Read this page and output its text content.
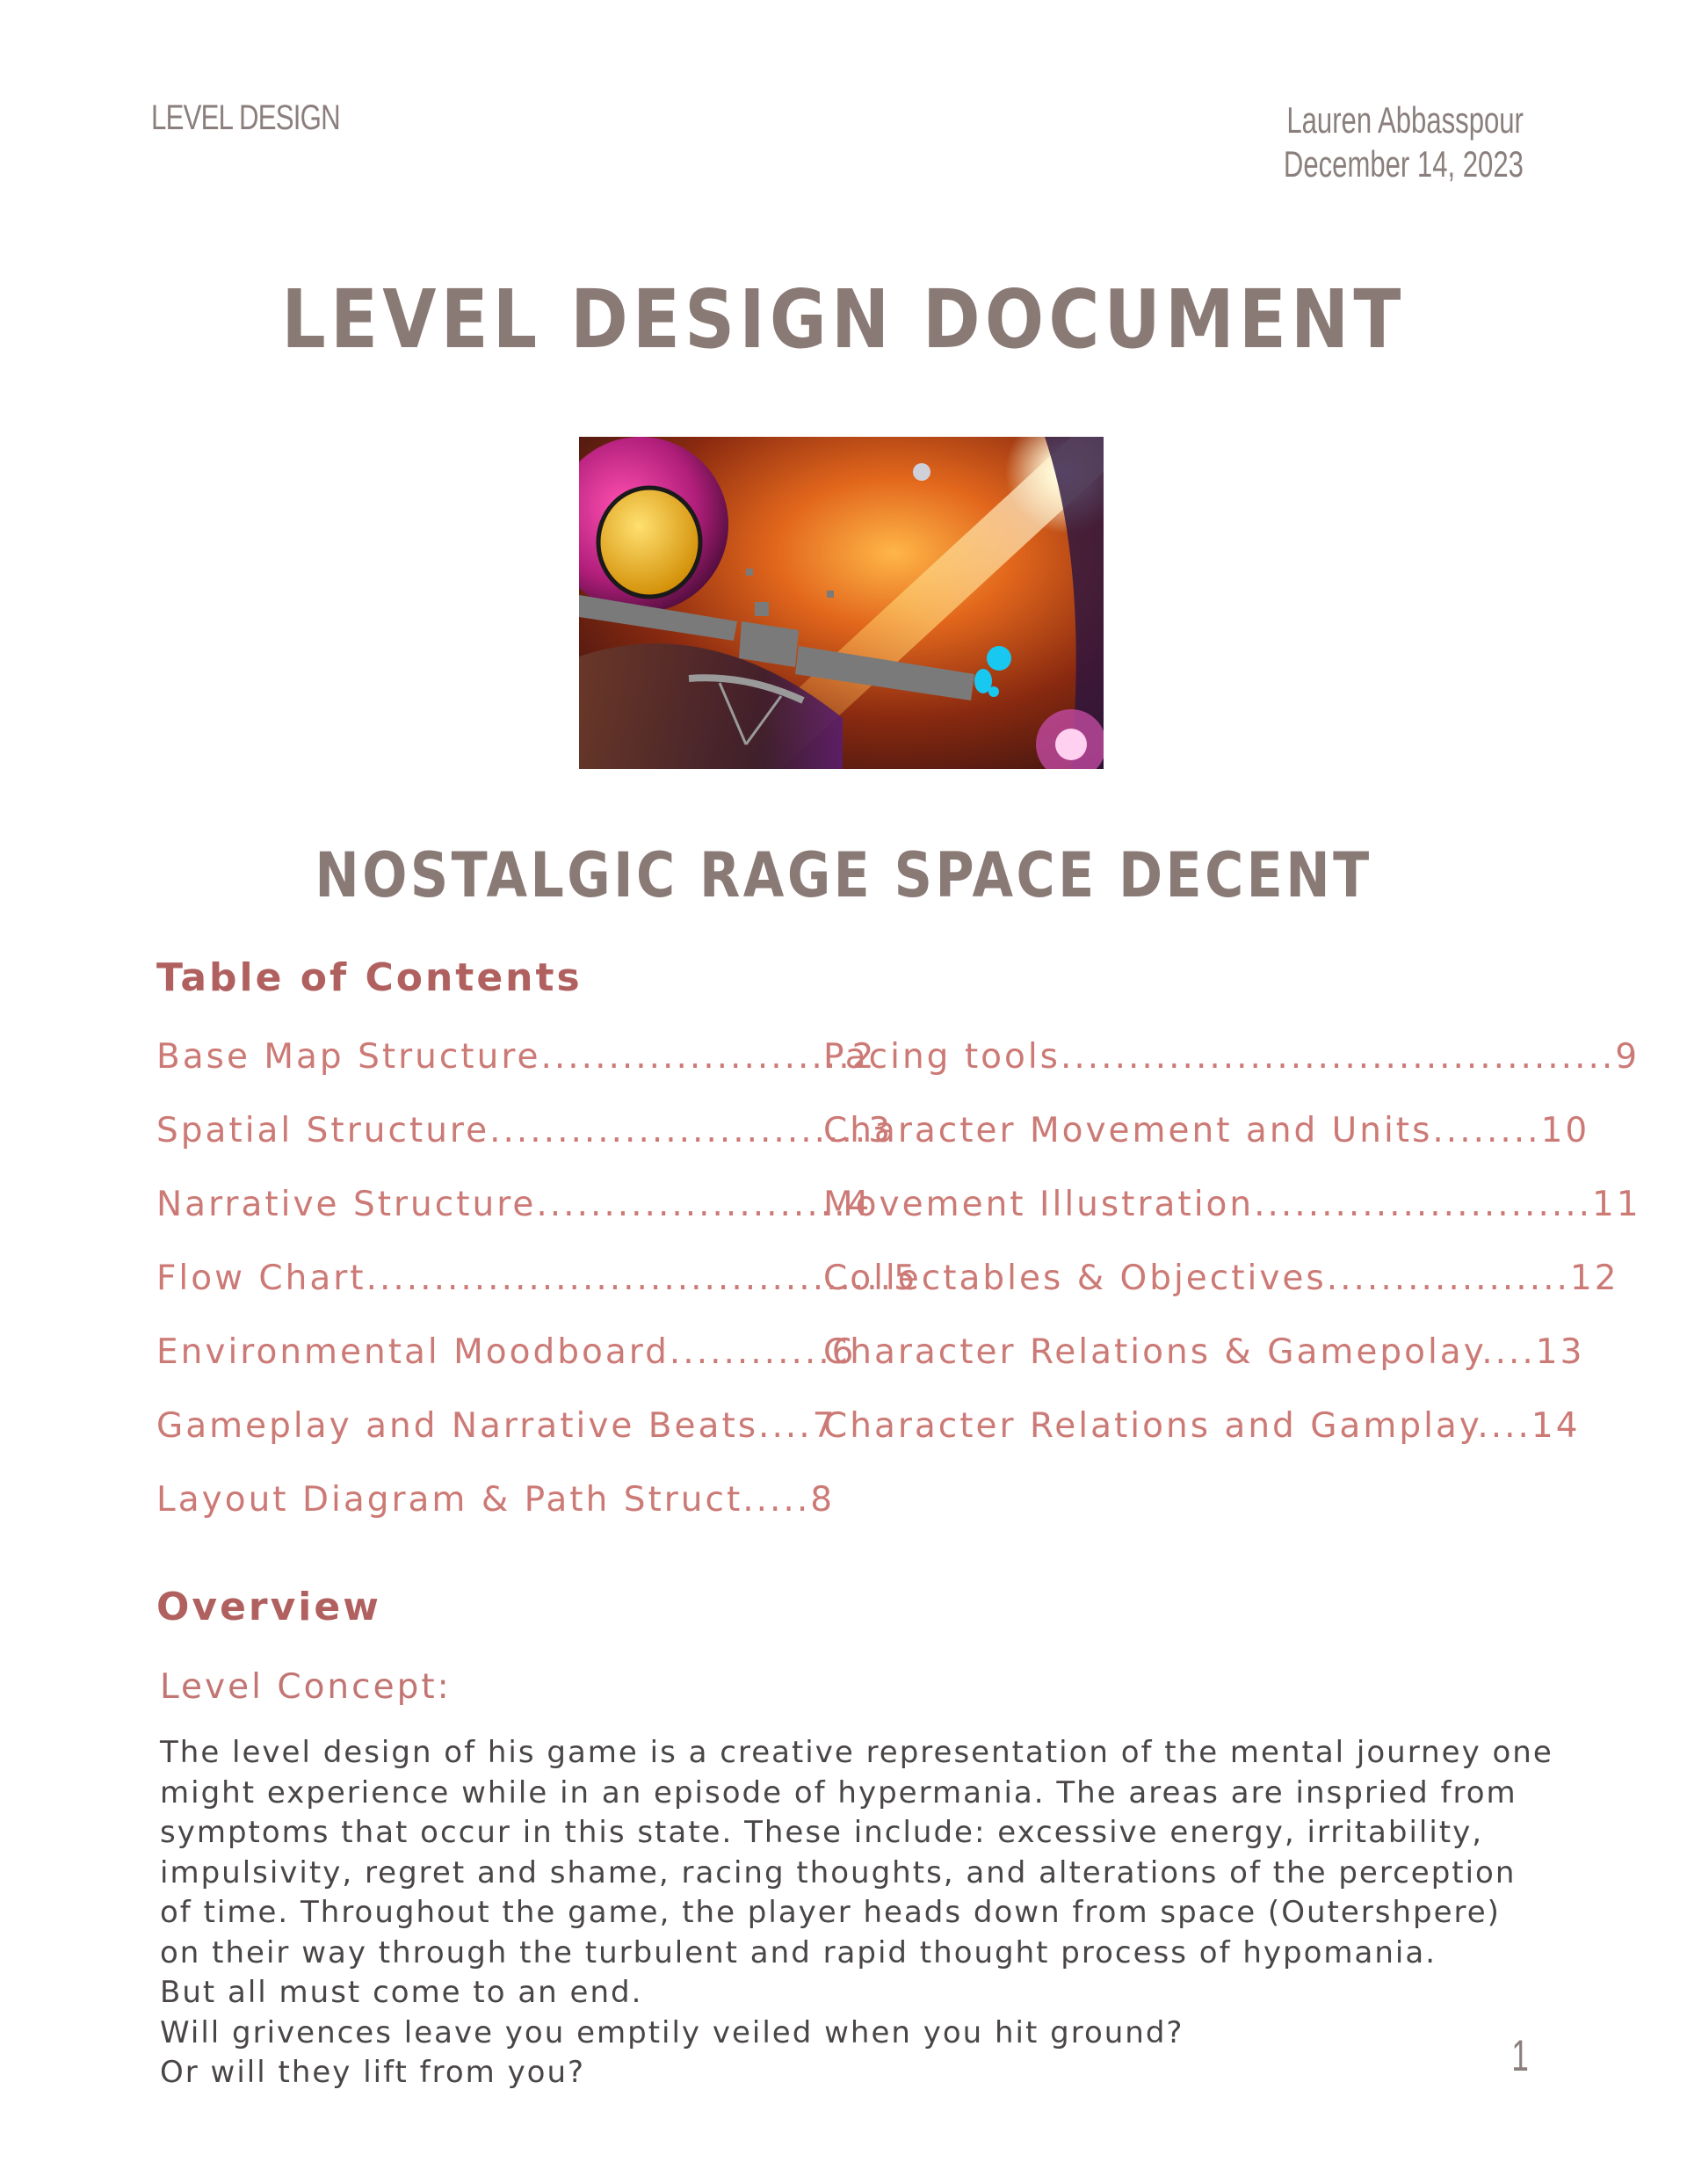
LEVEL DESIGN	Lauren Abbasspour
December 14, 2023
LEVEL DESIGN DOCUMENT
NOSTALGIC RAGE SPACE DECENT
Table of Contents
Base Map Structure.......................2
Spatial Structure............................3
Narrative Structure.......................4
Flow Chart.......................................5
Environmental Moodboard............6
Gameplay and Narrative Beats....7
Layout Diagram & Path Struct.....8
Pacing tools.........................................9
Character Movement and Units........10
Movement Illustration.........................11
Collectables & Objectives..................12
Character Relations & Gamepolay....13
Character Relations and Gamplay....14
Overview
Level Concept:
The level design of his game is a creative representation of the mental journey one
might experience while in an episode of hypermania. The areas are inspried from
symptoms that occur in this state. These include: excessive energy, irritability,
impulsivity, regret and shame, racing thoughts, and alterations of the perception
of time. Throughout the game, the player heads down from space (Outershpere)
on their way through the turbulent and rapid thought process of hypomania.
But all must come to an end.
Will grivences leave you emptily veiled when you hit ground?
Or will they lift from you?	1
